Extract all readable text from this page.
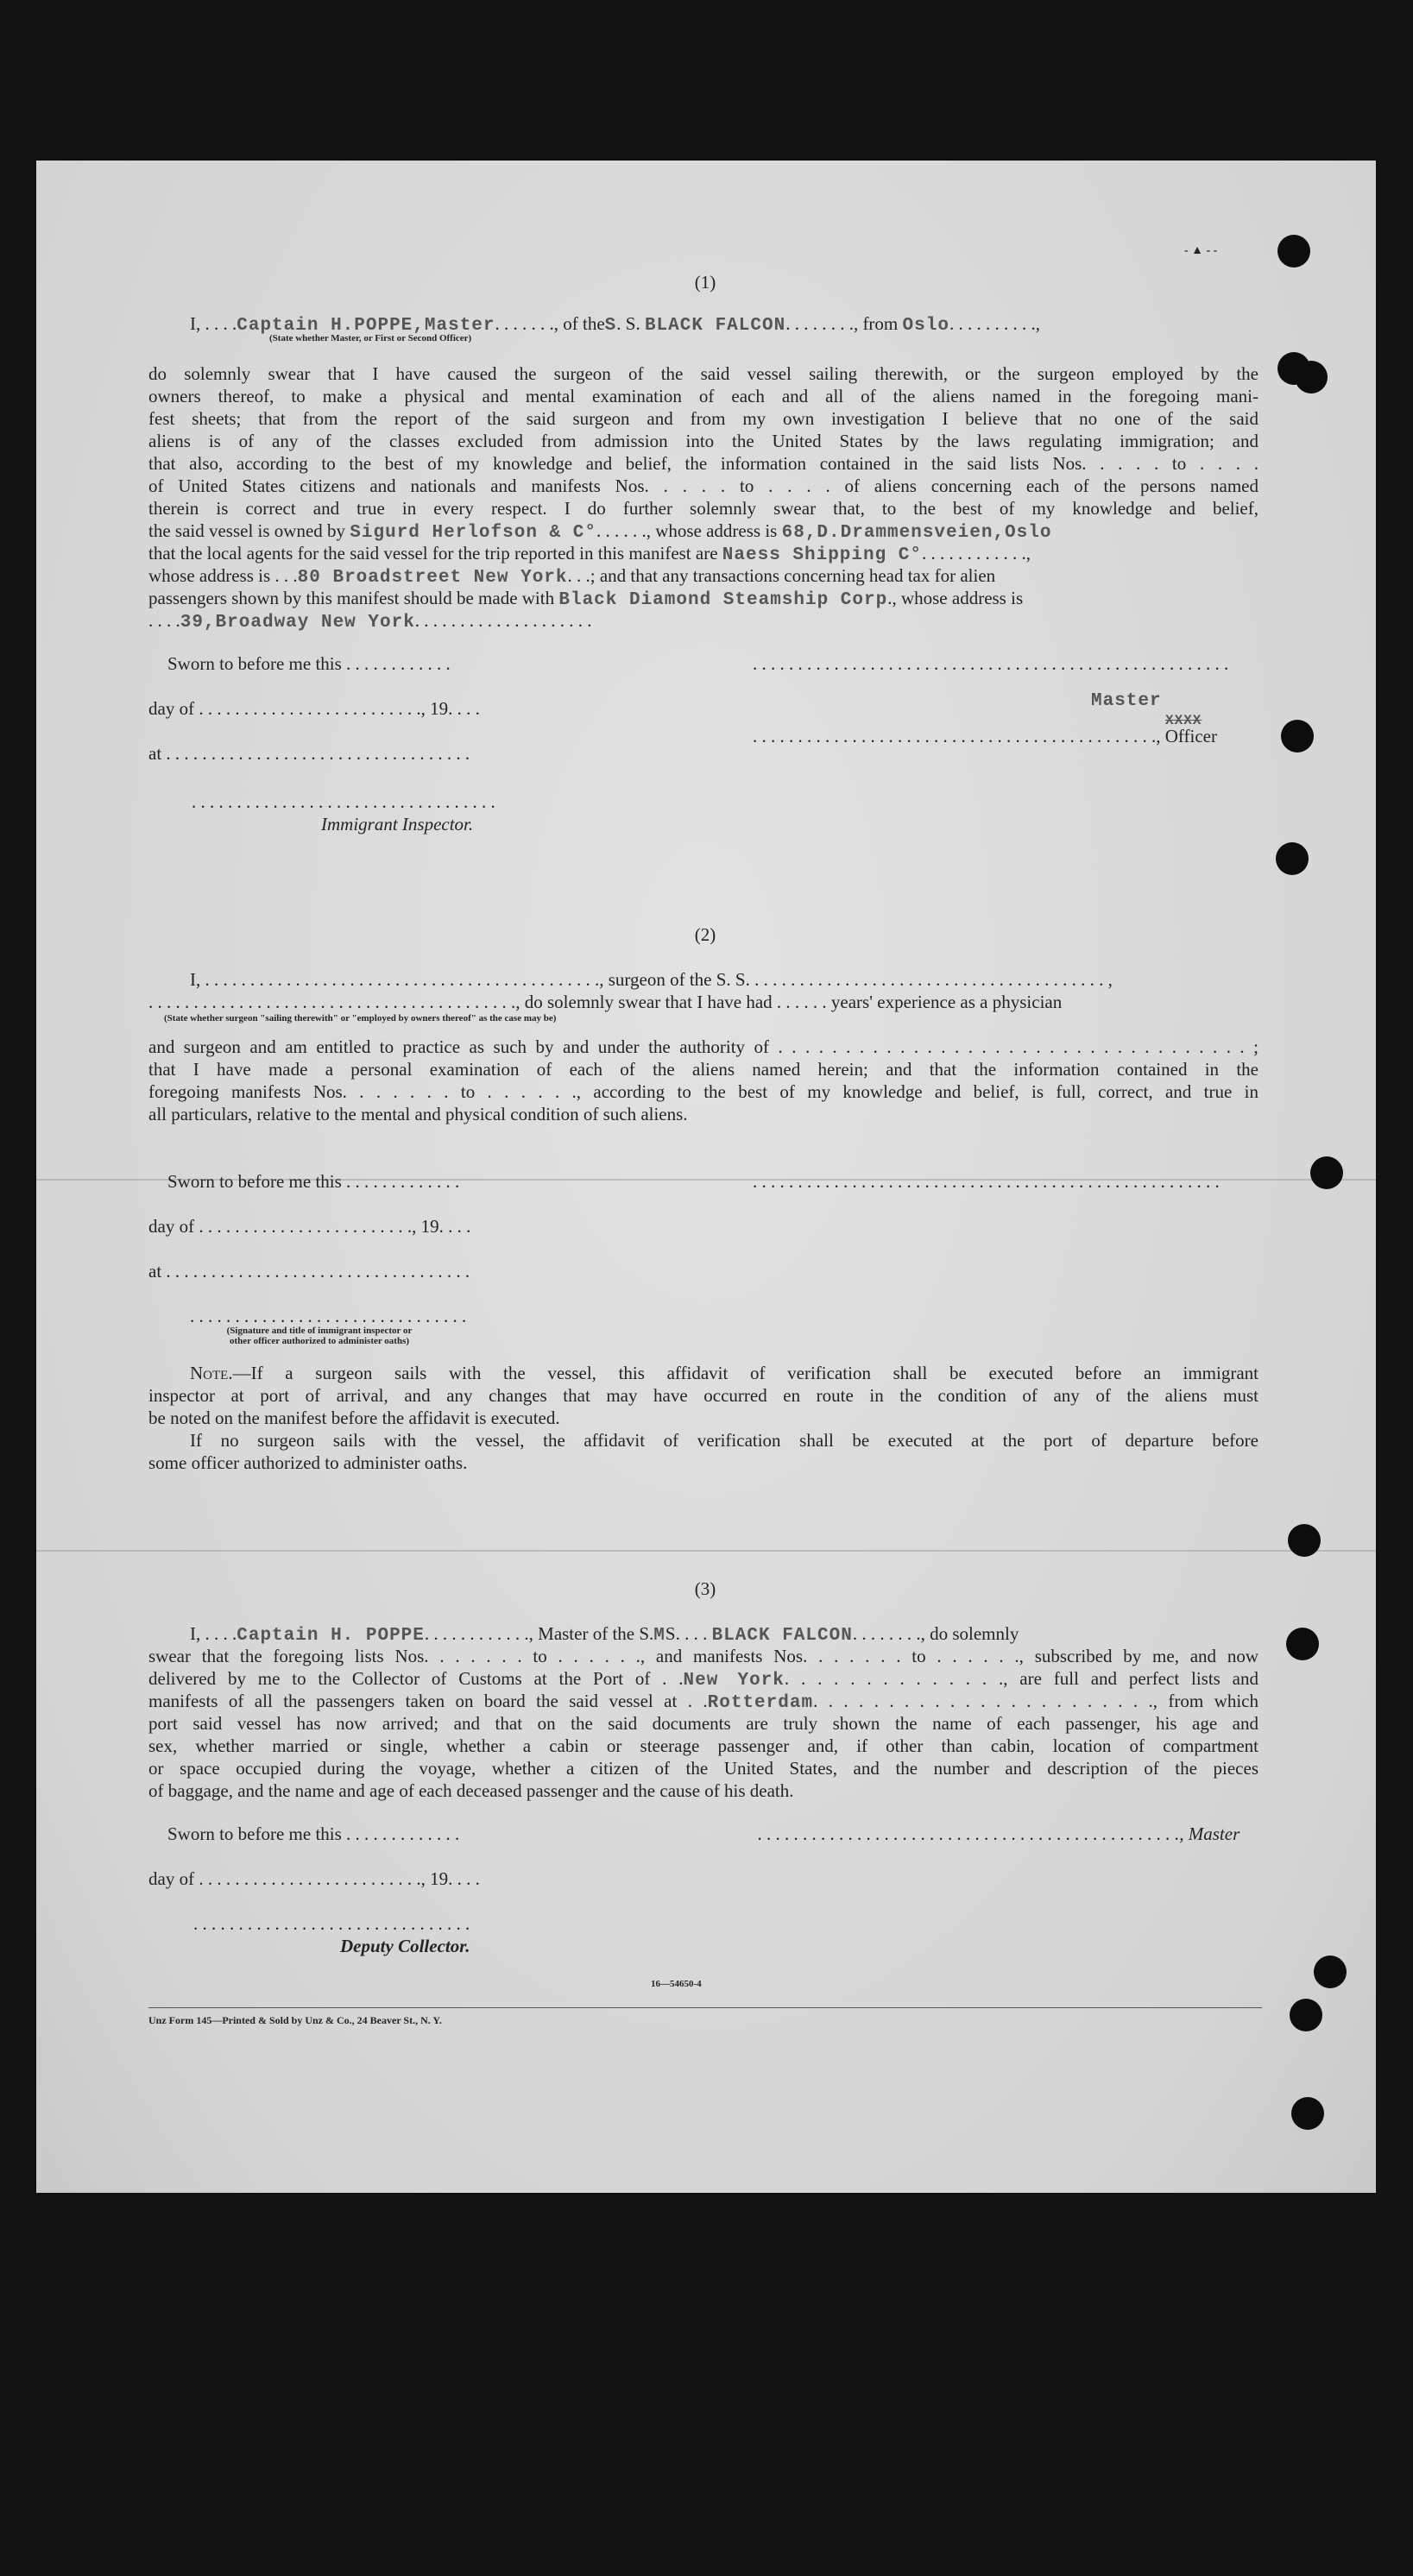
- ▲ - -
(1)
I, . . . .Captain H.POPPE,Master. . . . . . ., of theS. S. BLACK FALCON. . . . . . . ., from Oslo. . . . . . . . . .,
(State whether Master, or First or Second Officer)
do solemnly swear that I have caused the surgeon of the said vessel sailing therewith, or the surgeon employed by the
owners thereof, to make a physical and mental examination of each and all of the aliens named in the foregoing mani-
fest sheets; that from the report of the said surgeon and from my own investigation I believe that no one of the said
aliens is of any of the classes excluded from admission into the United States by the laws regulating immigration; and
that also, according to the best of my knowledge and belief, the information contained in the said lists Nos. . . . . to . . . .
of United States citizens and nationals and manifests Nos. . . . . to . . . . of aliens concerning each of the persons named
therein is correct and true in every respect. I do further solemnly swear that, to the best of my knowledge and belief,
the said vessel is owned by Sigurd Herlofson & C°. . . . . ., whose address is 68,D.Drammensveien,Oslo
that the local agents for the said vessel for the trip reported in this manifest are Naess Shipping C°. . . . . . . . . . . .,
whose address is . . .80 Broadstreet New York. . .; and that any transactions concerning head tax for alien
passengers shown by this manifest should be made with Black Diamond Steamship Corp., whose address is
. . . .39,Broadway New York. . . . . . . . . . . . . . . . . . . .
Sworn to before me this . . . . . . . . . . . .	. . . . . . . . . . . . . . . . . . . . . . . . . . . . . . . . . . . . . . . . . . . . . . . . . . . . .
day of . . . . . . . . . . . . . . . . . . . . . . . . ., 19. . . .	Master
XXXX
. . . . . . . . . . . . . . . . . . . . . . . . . . . . . . . . . . . . . . . . . . . . ., Officer
at . . . . . . . . . . . . . . . . . . . . . . . . . . . . . . . . . .
. . . . . . . . . . . . . . . . . . . . . . . . . . . . . . . . . .
Immigrant Inspector.
(2)
I, . . . . . . . . . . . . . . . . . . . . . . . . . . . . . . . . . . . . . . . . . . . ., surgeon of the S. S. . . . . . . . . . . . . . . . . . . . . . . . . . . . . . . . . . . . . . . . ,
. . . . . . . . . . . . . . . . . . . . . . . . . . . . . . . . . . . . . . . . ., do solemnly swear that I have had . . . . . . years' experience as a physician
(State whether surgeon "sailing therewith" or "employed by owners thereof" as the case may be)
and surgeon and am entitled to practice as such by and under the authority of . . . . . . . . . . . . . . . . . . . . . . . . . . . . . . . . . . . ;
that I have made a personal examination of each of the aliens named herein; and that the information contained in the
foregoing manifests Nos. . . . . . . to . . . . . ., according to the best of my knowledge and belief, is full, correct, and true in
all particulars, relative to the mental and physical condition of such aliens.
Sworn to before me this . . . . . . . . . . . . .	. . . . . . . . . . . . . . . . . . . . . . . . . . . . . . . . . . . . . . . . . . . . . . . . . . . .
day of . . . . . . . . . . . . . . . . . . . . . . . ., 19. . . .
at . . . . . . . . . . . . . . . . . . . . . . . . . . . . . . . . . .
. . . . . . . . . . . . . . . . . . . . . . . . . . . . . . .
(Signature and title of immigrant inspector or
other officer authorized to administer oaths)
Note.—If a surgeon sails with the vessel, this affidavit of verification shall be executed before an immigrant
inspector at port of arrival, and any changes that may have occurred en route in the condition of any of the aliens must
be noted on the manifest before the affidavit is executed.
If no surgeon sails with the vessel, the affidavit of verification shall be executed at the port of departure before
some officer authorized to administer oaths.
(3)
I, . . . .Captain H. POPPE. . . . . . . . . . . ., Master of the S.MS. . . . BLACK FALCON. . . . . . . ., do solemnly
swear that the foregoing lists Nos. . . . . . . to . . . . . ., and manifests Nos. . . . . . . to . . . . . ., subscribed by me, and now
delivered by me to the Collector of Customs at the Port of . .New York. . . . . . . . . . . . . ., are full and perfect lists and
manifests of all the passengers taken on board the said vessel at . .Rotterdam. . . . . . . . . . . . . . . . . . . . . . ., from which
port said vessel has now arrived; and that on the said documents are truly shown the name of each passenger, his age and
sex, whether married or single, whether a cabin or steerage passenger and, if other than cabin, location of compartment
or space occupied during the voyage, whether a citizen of the United States, and the number and description of the pieces
of baggage, and the name and age of each deceased passenger and the cause of his death.
Sworn to before me this . . . . . . . . . . . . .	. . . . . . . . . . . . . . . . . . . . . . . . . . . . . . . . . . . . . . . . . . . . . . ., Master
day of . . . . . . . . . . . . . . . . . . . . . . . . ., 19. . . .
. . . . . . . . . . . . . . . . . . . . . . . . . . . . . . .
Deputy Collector.
16—54650-4
Unz Form 145—Printed & Sold by Unz & Co., 24 Beaver St., N. Y.
